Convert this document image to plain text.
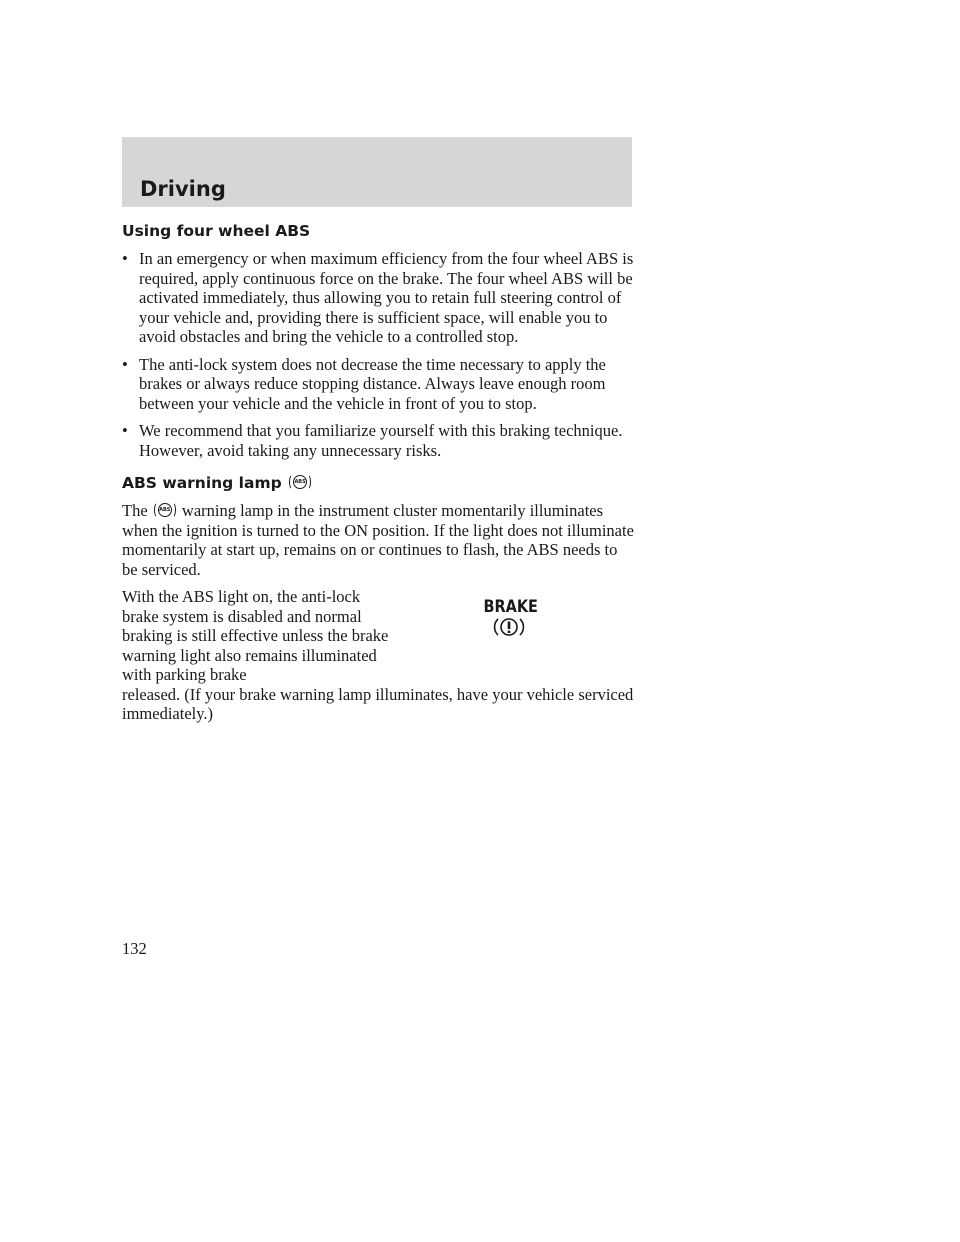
Driving
Using four wheel ABS
• In an emergency or when maximum efficiency from the four wheel ABS is required, apply continuous force on the brake. The four wheel ABS will be activated immediately, thus allowing you to retain full steering control of your vehicle and, providing there is sufficient space, will enable you to avoid obstacles and bring the vehicle to a controlled stop.
• The anti-lock system does not decrease the time necessary to apply the brakes or always reduce stopping distance. Always leave enough room between your vehicle and the vehicle in front of you to stop.
• We recommend that you familiarize yourself with this braking technique. However, avoid taking any unnecessary risks.
ABS warning lamp	ABS

The ABS warning lamp in the instrument cluster momentarily illuminates when the ignition is turned to the ON position. If the light does not illuminate momentarily at start up, remains on or continues to flash, the ABS needs to be serviced.

With the ABS light on, the anti-lock brake system is disabled and normal braking is still effective unless the brake warning light also remains illuminated with parking brake

BRAKE

released. (If your brake warning lamp illuminates, have your vehicle serviced immediately.)

132
